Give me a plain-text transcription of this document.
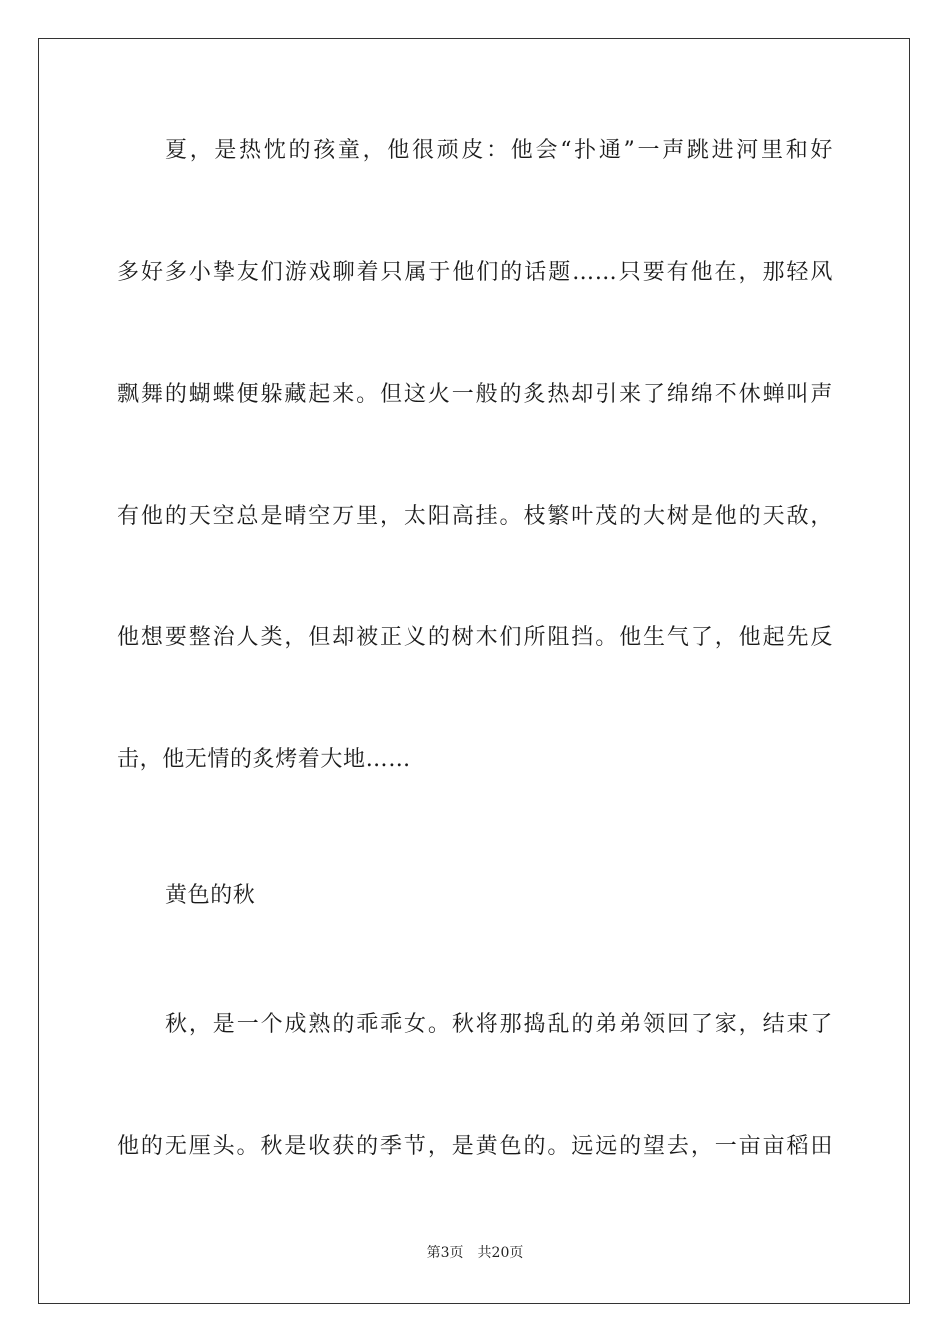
夏，是热忱的孩童，他很顽皮：他会“扑通”一声跳进河里和好
多好多小挚友们游戏聊着只属于他们的话题……只要有他在，那轻风
飘舞的蝴蝶便躲藏起来。但这火一般的炙热却引来了绵绵不休蝉叫声
有他的天空总是晴空万里，太阳高挂。枝繁叶茂的大树是他的天敌，
他想要整治人类，但却被正义的树木们所阻挡。他生气了，他起先反
击，他无情的炙烤着大地……
黄色的秋
秋，是一个成熟的乖乖女。秋将那捣乱的弟弟领回了家，结束了
他的无厘头。秋是收获的季节，是黄色的。远远的望去，一亩亩稻田
第3页 共20页
